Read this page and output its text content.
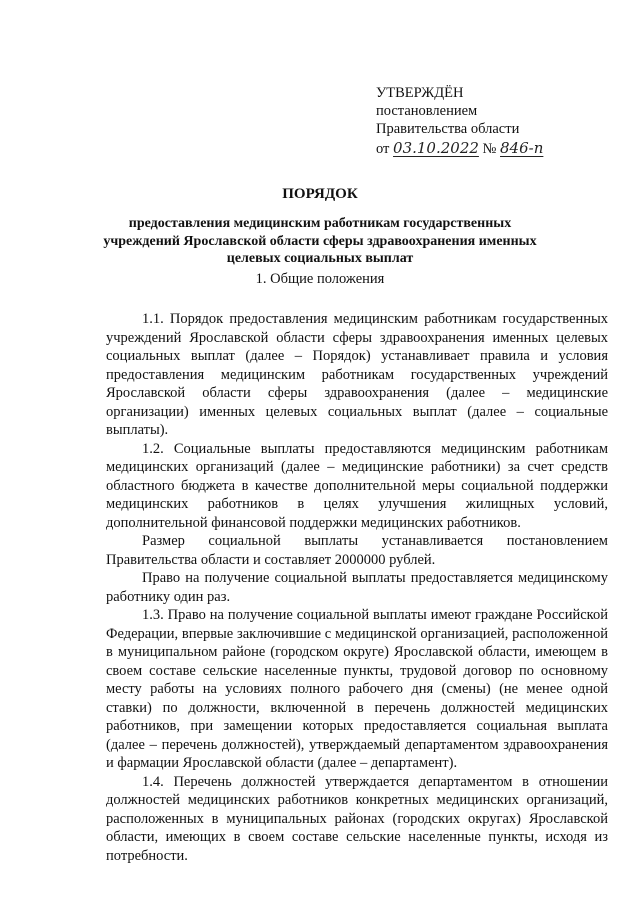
УТВЕРЖДЁН
постановлением
Правительства области
от 03.10.2022 № 846-п
ПОРЯДОК
предоставления медицинским работникам государственных учреждений Ярославской области сферы здравоохранения именных целевых социальных выплат
1. Общие положения

1.1. Порядок предоставления медицинским работникам государственных учреждений Ярославской области сферы здравоохранения именных целевых социальных выплат (далее – Порядок) устанавливает правила и условия предоставления медицинским работникам государственных учреждений Ярославской области сферы здравоохранения (далее – медицинские организации) именных целевых социальных выплат (далее – социальные выплаты).

1.2. Социальные выплаты предоставляются медицинским работникам медицинских организаций (далее – медицинские работники) за счет средств областного бюджета в качестве дополнительной меры социальной поддержки медицинских работников в целях улучшения жилищных условий, дополнительной финансовой поддержки медицинских работников.

Размер социальной выплаты устанавливается постановлением Правительства области и составляет 2000000 рублей.

Право на получение социальной выплаты предоставляется медицинскому работнику один раз.

1.3. Право на получение социальной выплаты имеют граждане Российской Федерации, впервые заключившие с медицинской организацией, расположенной в муниципальном районе (городском округе) Ярославской области, имеющем в своем составе сельские населенные пункты, трудовой договор по основному месту работы на условиях полного рабочего дня (смены) (не менее одной ставки) по должности, включенной в перечень должностей медицинских работников, при замещении которых предоставляется социальная выплата (далее – перечень должностей), утверждаемый департаментом здравоохранения и фармации Ярославской области (далее – департамент).

1.4. Перечень должностей утверждается департаментом в отношении должностей медицинских работников конкретных медицинских организаций, расположенных в муниципальных районах (городских округах) Ярославской области, имеющих в своем составе сельские населенные пункты, исходя из потребности.
